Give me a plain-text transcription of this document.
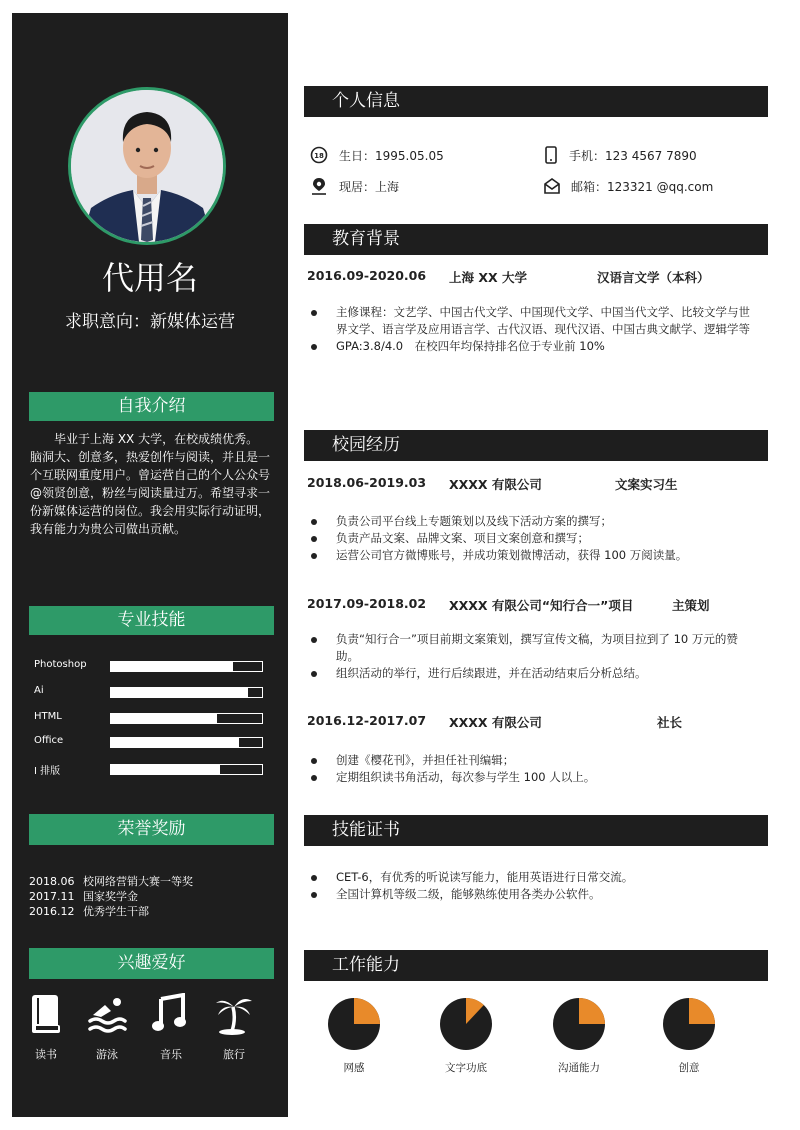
代用名
求职意向：新媒体运营
自我介绍
毕业于上海 XX 大学，在校成绩优秀。脑洞大、创意多，热爱创作与阅读，并且是一个互联网重度用户。曾运营自己的个人公众号@领贤创意，粉丝与阅读量过万。希望寻求一份新媒体运营的岗位。我会用实际行动证明，我有能力为贵公司做出贡献。
专业技能
Photoshop
Ai
HTML
Office
I 排版
荣誉奖励
2018.06 校网络营销大赛一等奖
2017.11 国家奖学金
2016.12 优秀学生干部
兴趣爱好
读书	游泳	音乐	旅行
个人信息
18 生日：1995.05.05	手机：123 4567 7890
现居：上海	邮箱：123321 @qq.com
教育背景
2016.09-2020.06 上海 XX 大学	汉语言文学（本科）
主修课程：文艺学、中国古代文学、中国现代文学、中国当代文学、比较文学与世界文学、语言学及应用语言学、古代汉语、现代汉语、中国古典文献学、逻辑学等
GPA:3.8/4.0　在校四年均保持排名位于专业前 10%
校园经历
2018.06-2019.03 XXXX 有限公司	文案实习生
负责公司平台线上专题策划以及线下活动方案的撰写；
负责产品文案、品牌文案、项目文案创意和撰写；
运营公司官方微博账号，并成功策划微博活动，获得 100 万阅读量。
2017.09-2018.02 XXXX 有限公司“知行合一”项目	主策划
负责“知行合一”项目前期文案策划，撰写宣传文稿，为项目拉到了 10 万元的赞助。
组织活动的举行，进行后续跟进，并在活动结束后分析总结。
2016.12-2017.07 XXXX 有限公司	社长
创建《樱花刊》，并担任社刊编辑；
定期组织读书角活动，每次参与学生 100 人以上。
技能证书
CET-6，有优秀的听说读写能力，能用英语进行日常交流。
全国计算机等级二级，能够熟练使用各类办公软件。
工作能力
网感	文字功底	沟通能力	创意
